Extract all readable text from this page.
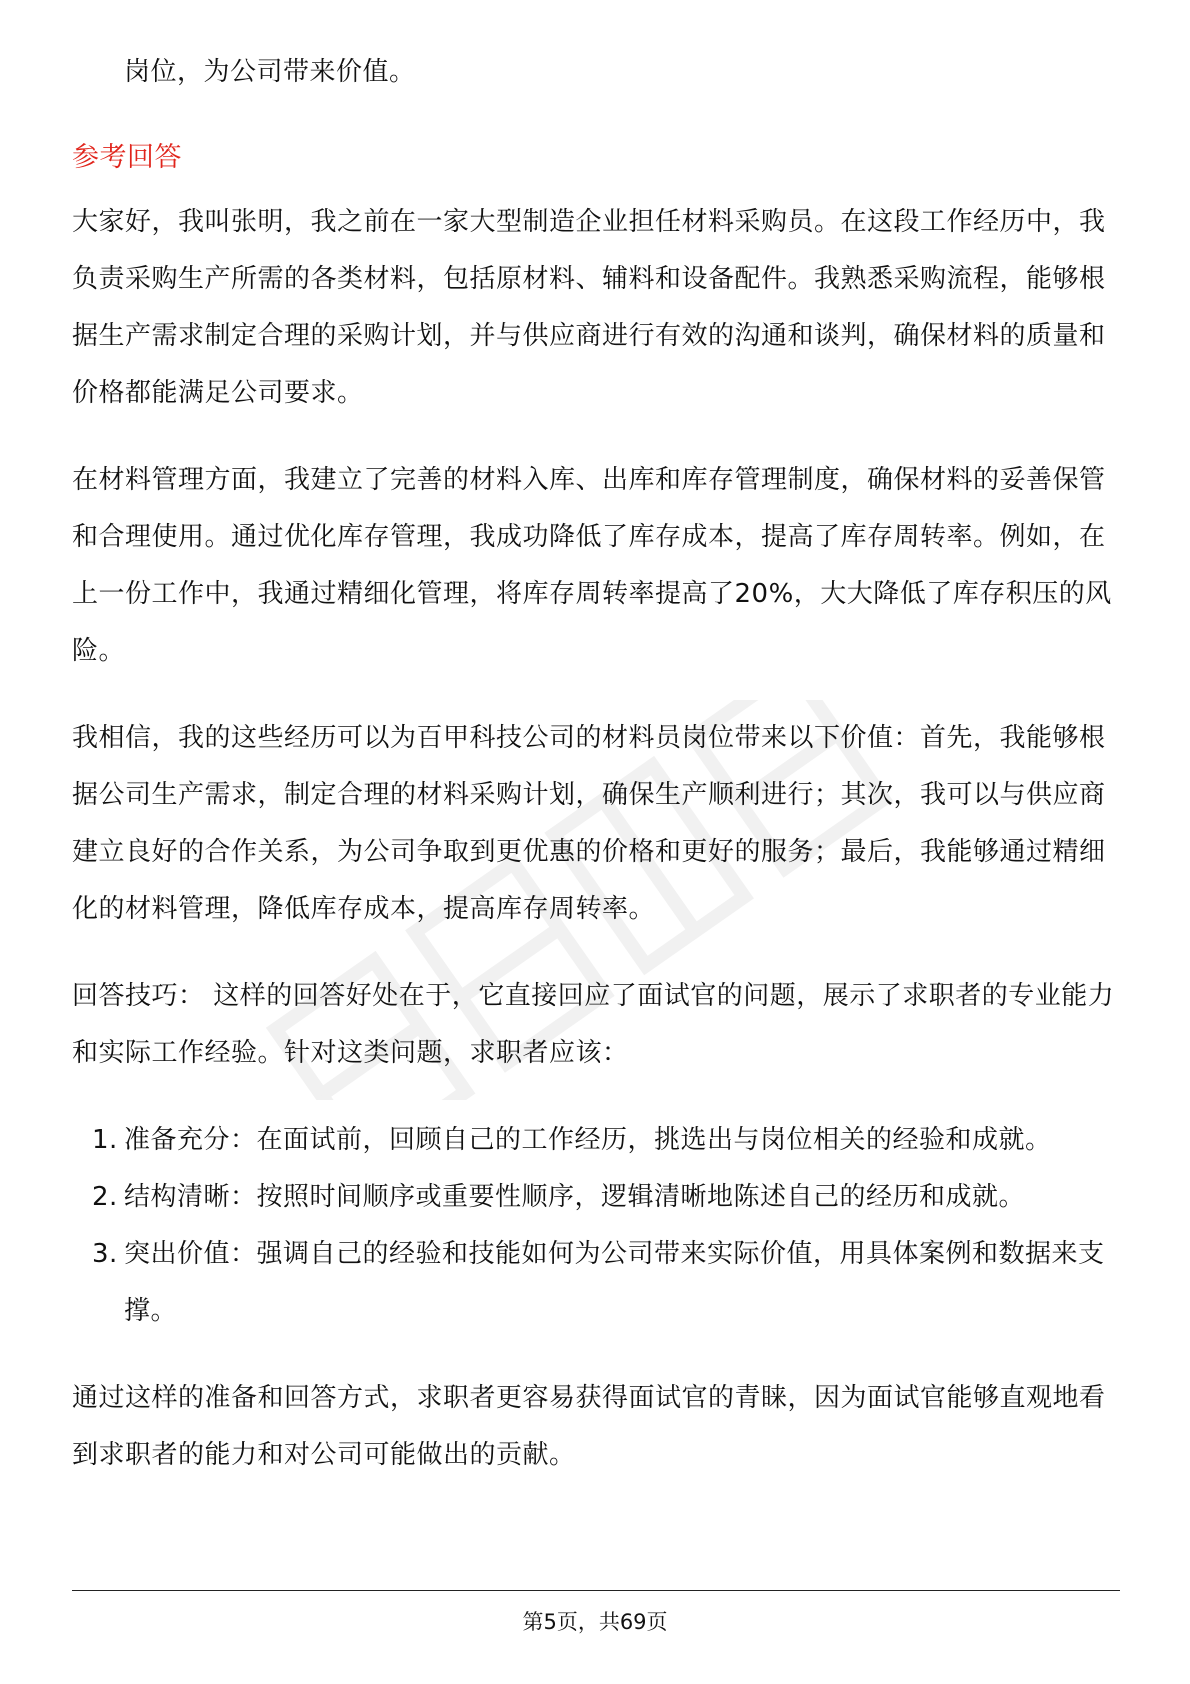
岗位，为公司带来价值。

参考回答

大家好，我叫张明，我之前在一家大型制造企业担任材料采购员。在这段工作经历中，我负责采购生产所需的各类材料，包括原材料、辅料和设备配件。我熟悉采购流程，能够根据生产需求制定合理的采购计划，并与供应商进行有效的沟通和谈判，确保材料的质量和价格都能满足公司要求。

在材料管理方面，我建立了完善的材料入库、出库和库存管理制度，确保材料的妥善保管和合理使用。通过优化库存管理，我成功降低了库存成本，提高了库存周转率。例如，在上一份工作中，我通过精细化管理，将库存周转率提高了20%，大大降低了库存积压的风险。

我相信，我的这些经历可以为百甲科技公司的材料员岗位带来以下价值：首先，我能够根据公司生产需求，制定合理的材料采购计划，确保生产顺利进行；其次，我可以与供应商建立良好的合作关系，为公司争取到更优惠的价格和更好的服务；最后，我能够通过精细化的材料管理，降低库存成本，提高库存周转率。

回答技巧： 这样的回答好处在于，它直接回应了面试官的问题，展示了求职者的专业能力和实际工作经验。针对这类问题，求职者应该：

1. 准备充分：在面试前，回顾自己的工作经历，挑选出与岗位相关的经验和成就。
2. 结构清晰：按照时间顺序或重要性顺序，逻辑清晰地陈述自己的经历和成就。
3. 突出价值：强调自己的经验和技能如何为公司带来实际价值，用具体案例和数据来支撑。

通过这样的准备和回答方式，求职者更容易获得面试官的青睐，因为面试官能够直观地看到求职者的能力和对公司可能做出的贡献。

第5页，共69页
